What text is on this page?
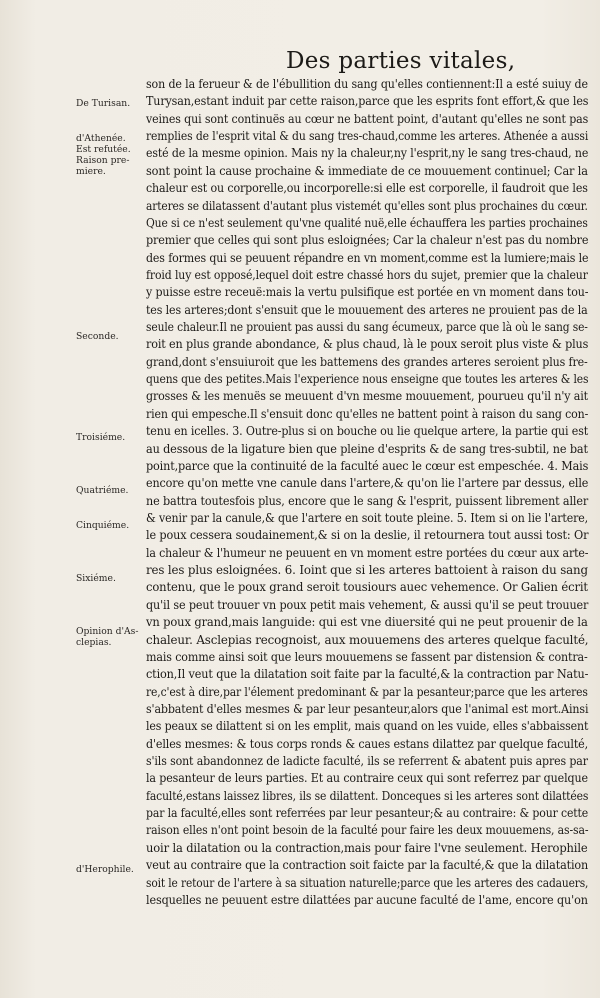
Des parties vitales,
De Turisan.
d'Athenée.
Est refutée.
Raison pre-
miere.
Seconde.
Troisiéme.
Quatriéme.
Cinquiéme.
Sixiéme.
Opinion d'As-
clepias.
d'Herophile.
son de la ferueur & de l'ébullition du sang qu'elles contiennent:Il a esté suiuy de
Turysan,estant induit par cette raison,parce que les esprits font effort,& que les
veines qui sont continuës au cœur ne battent point, d'autant qu'elles ne sont pas
remplies de l'esprit vital & du sang tres-chaud,comme les arteres. Athenée a aussi
esté de la mesme opinion. Mais ny la chaleur,ny l'esprit,ny le sang tres-chaud, ne
sont point la cause prochaine & immediate de ce mouuement continuel; Car la
chaleur est ou corporelle,ou incorporelle:si elle est corporelle, il faudroit que les
arteres se dilatassent d'autant plus vistemét qu'elles sont plus prochaines du cœur.
Que si ce n'est seulement qu'vne qualité nuë,elle échauffera les parties prochaines
premier que celles qui sont plus esloignées; Car la chaleur n'est pas du nombre
des formes qui se peuuent répandre en vn moment,comme est la lumiere;mais le
froid luy est opposé,lequel doit estre chassé hors du sujet, premier que la chaleur
y puisse estre receuë:mais la vertu pulsifique est portée en vn moment dans tou-
tes les arteres;dont s'ensuit que le mouuement des arteres ne prouient pas de la
seule chaleur.Il ne prouient pas aussi du sang écumeux, parce que là où le sang se-
roit en plus grande abondance, & plus chaud, là le poux seroit plus viste & plus
grand,dont s'ensuiuroit que les battemens des grandes arteres seroient plus fre-
quens que des petites.Mais l'experience nous enseigne que toutes les arteres & les
grosses & les menuës se meuuent d'vn mesme mouuement, pourueu qu'il n'y ait
rien qui empesche.Il s'ensuit donc qu'elles ne battent point à raison du sang con-
tenu en icelles. 3. Outre-plus si on bouche ou lie quelque artere, la partie qui est
au dessous de la ligature bien que pleine d'esprits & de sang tres-subtil, ne bat
point,parce que la continuité de la faculté auec le cœur est empeschée. 4. Mais
encore qu'on mette vne canule dans l'artere,& qu'on lie l'artere par dessus, elle
ne battra toutesfois plus, encore que le sang & l'esprit, puissent librement aller
& venir par la canule,& que l'artere en soit toute pleine. 5. Item si on lie l'artere,
le poux cessera soudainement,& si on la deslie, il retournera tout aussi tost: Or
la chaleur & l'humeur ne peuuent en vn moment estre portées du cœur aux arte-
res les plus esloignées. 6. Ioint que si les arteres battoient à raison du sang
contenu, que le poux grand seroit tousiours auec vehemence. Or Galien écrit
qu'il se peut trouuer vn poux petit mais vehement, & aussi qu'il se peut trouuer
vn poux grand,mais languide: qui est vne diuersité qui ne peut prouenir de la
chaleur. Asclepias recognoist, aux mouuemens des arteres quelque faculté,
mais comme ainsi soit que leurs mouuemens se fassent par distension & contra-
ction,Il veut que la dilatation soit faite par la faculté,& la contraction par Natu-
re,c'est à dire,par l'élement predominant & par la pesanteur;parce que les arteres
s'abbatent d'elles mesmes & par leur pesanteur,alors que l'animal est mort.Ainsi
les peaux se dilattent si on les emplit, mais quand on les vuide, elles s'abbaissent
d'elles mesmes: & tous corps ronds & caues estans dilattez par quelque faculté,
s'ils sont abandonnez de ladicte faculté, ils se referrent & abatent puis apres par
la pesanteur de leurs parties. Et au contraire ceux qui sont referrez par quelque
faculté,estans laissez libres, ils se dilattent. Donceques si les arteres sont dilattées
par la faculté,elles sont referrées par leur pesanteur;& au contraire: & pour cette
raison elles n'ont point besoin de la faculté pour faire les deux mouuemens, as-sa-
uoir la dilatation ou la contraction,mais pour faire l'vne seulement. Herophile
veut au contraire que la contraction soit faicte par la faculté,& que la dilatation
soit le retour de l'artere à sa situation naturelle;parce que les arteres des cadauers,
lesquelles ne peuuent estre dilattées par aucune faculté de l'ame, encore qu'on
